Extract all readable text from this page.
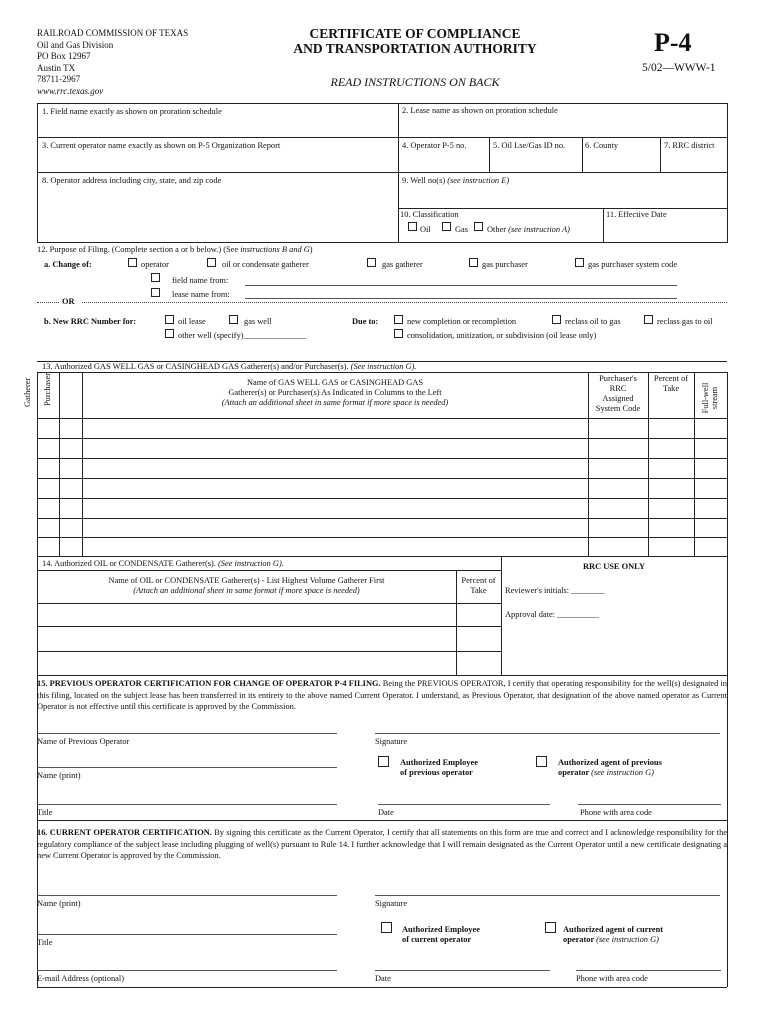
RAILROAD COMMISSION OF TEXAS
Oil and Gas Division
PO Box 12967
Austin TX
78711-2967
www.rrc.texas.gov
CERTIFICATE OF COMPLIANCE
AND TRANSPORTATION AUTHORITY
READ INSTRUCTIONS ON BACK
P-4
5/02—WWW-1
1. Field name exactly as shown on proration schedule	2. Lease name as shown on proration schedule
3. Current operator name exactly as shown on P-5 Organization Report	4. Operator P-5 no.	5. Oil Lse/Gas ID no. 6. County	7. RRC district
8. Operator address including city, state, and zip code	9. Well no(s) (see instruction E)
10. Classification
Oil	Gas Other (see instruction A)
11. Effective Date
12. Purpose of Filing. (Complete section a or b below.) (See instructions B and G)
a. Change of:	operator	oil or condensate gatherer	gas gatherer	gas purchaser	gas purchaser system code
field name from:
lease name from:
OR
b. New RRC Number for:	oil lease	gas well
other well (specify)_______________
Due to:	new completion or recompletion	reclass oil to gas	reclass gas to oil
consolidation, unitization, or subdivision (oil lease only)
13. Authorized GAS WELL GAS or CASINGHEAD GAS Gatherer(s) and/or Purchaser(s). (See instruction G).
Gatherer Purchaser	Name of GAS WELL GAS or CASINGHEAD GAS
Gatherer(s) or Purchaser(s) As Indicated in Columns to the Left
(Attach an additional sheet in same format if more space is needed)
Purchaser's
RRC
Assigned
System Code
Percent of
Take	Full-well stream
14. Authorized OIL or CONDENSATE Gatherer(s). (See instruction G).
Name of OIL or CONDENSATE Gatherer(s) - List Highest Volume Gatherer First
(Attach an additional sheet in same format if more space is needed)
Percent of
Take
RRC USE ONLY
Reviewer's initials: ________
Approval date: __________
15. PREVIOUS OPERATOR CERTIFICATION FOR CHANGE OF OPERATOR P-4 FILING. Being the PREVIOUS OPERATOR, I certify that operating responsibility for the well(s) designated in this filing, located on the subject lease has been transferred in its entirety to the above named Current Operator. I understand, as Previous Operator, that designation of the above named operator as Current Operator is not effective until this certificate is approved by the Commission.
Name of Previous Operator	Signature
Name (print)
Authorized Employee
of previous operator
Authorized agent of previous
operator (see instruction G)
Title	Date	Phone with area code
16. CURRENT OPERATOR CERTIFICATION. By signing this certificate as the Current Operator, I certify that all statements on this form are true and correct and I acknowledge responsibility for the regulatory compliance of the subject lease including plugging of well(s) pursuant to Rule 14. I further acknowledge that I will remain designated as the Current Operator until a new certificate designating a new Current Operator is approved by the Commission.
Name (print)	Signature
Title
Authorized Employee
of current operator
Authorized agent of current
operator (see instruction G)
E-mail Address (optional)	Date	Phone with area code
